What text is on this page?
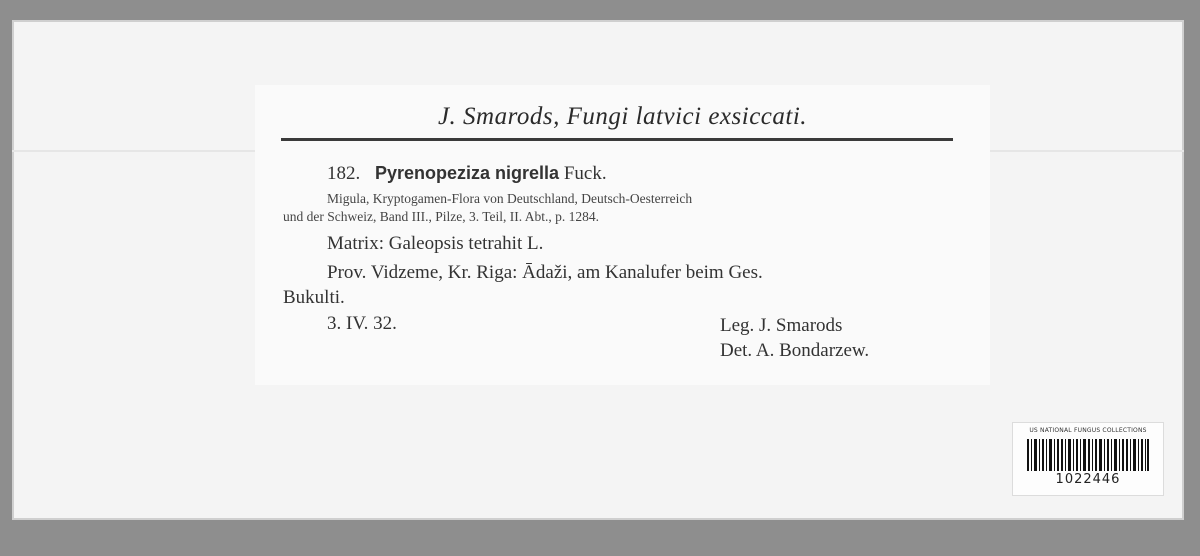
J. Smarods, Fungi latvici exsiccati.
182. Pyrenopeziza nigrella Fuck.
Migula, Kryptogamen-Flora von Deutschland, Deutsch-Oesterreich
und der Schweiz, Band III., Pilze, 3. Teil, II. Abt., p. 1284.
Matrix: Galeopsis tetrahit L.
Prov. Vidzeme, Kr. Riga: Ādaži, am Kanalufer beim Ges.
Bukulti.
3. IV. 32.	Leg. J. Smarods
Det. A. Bondarzew.
US NATIONAL FUNGUS COLLECTIONS
1022446
